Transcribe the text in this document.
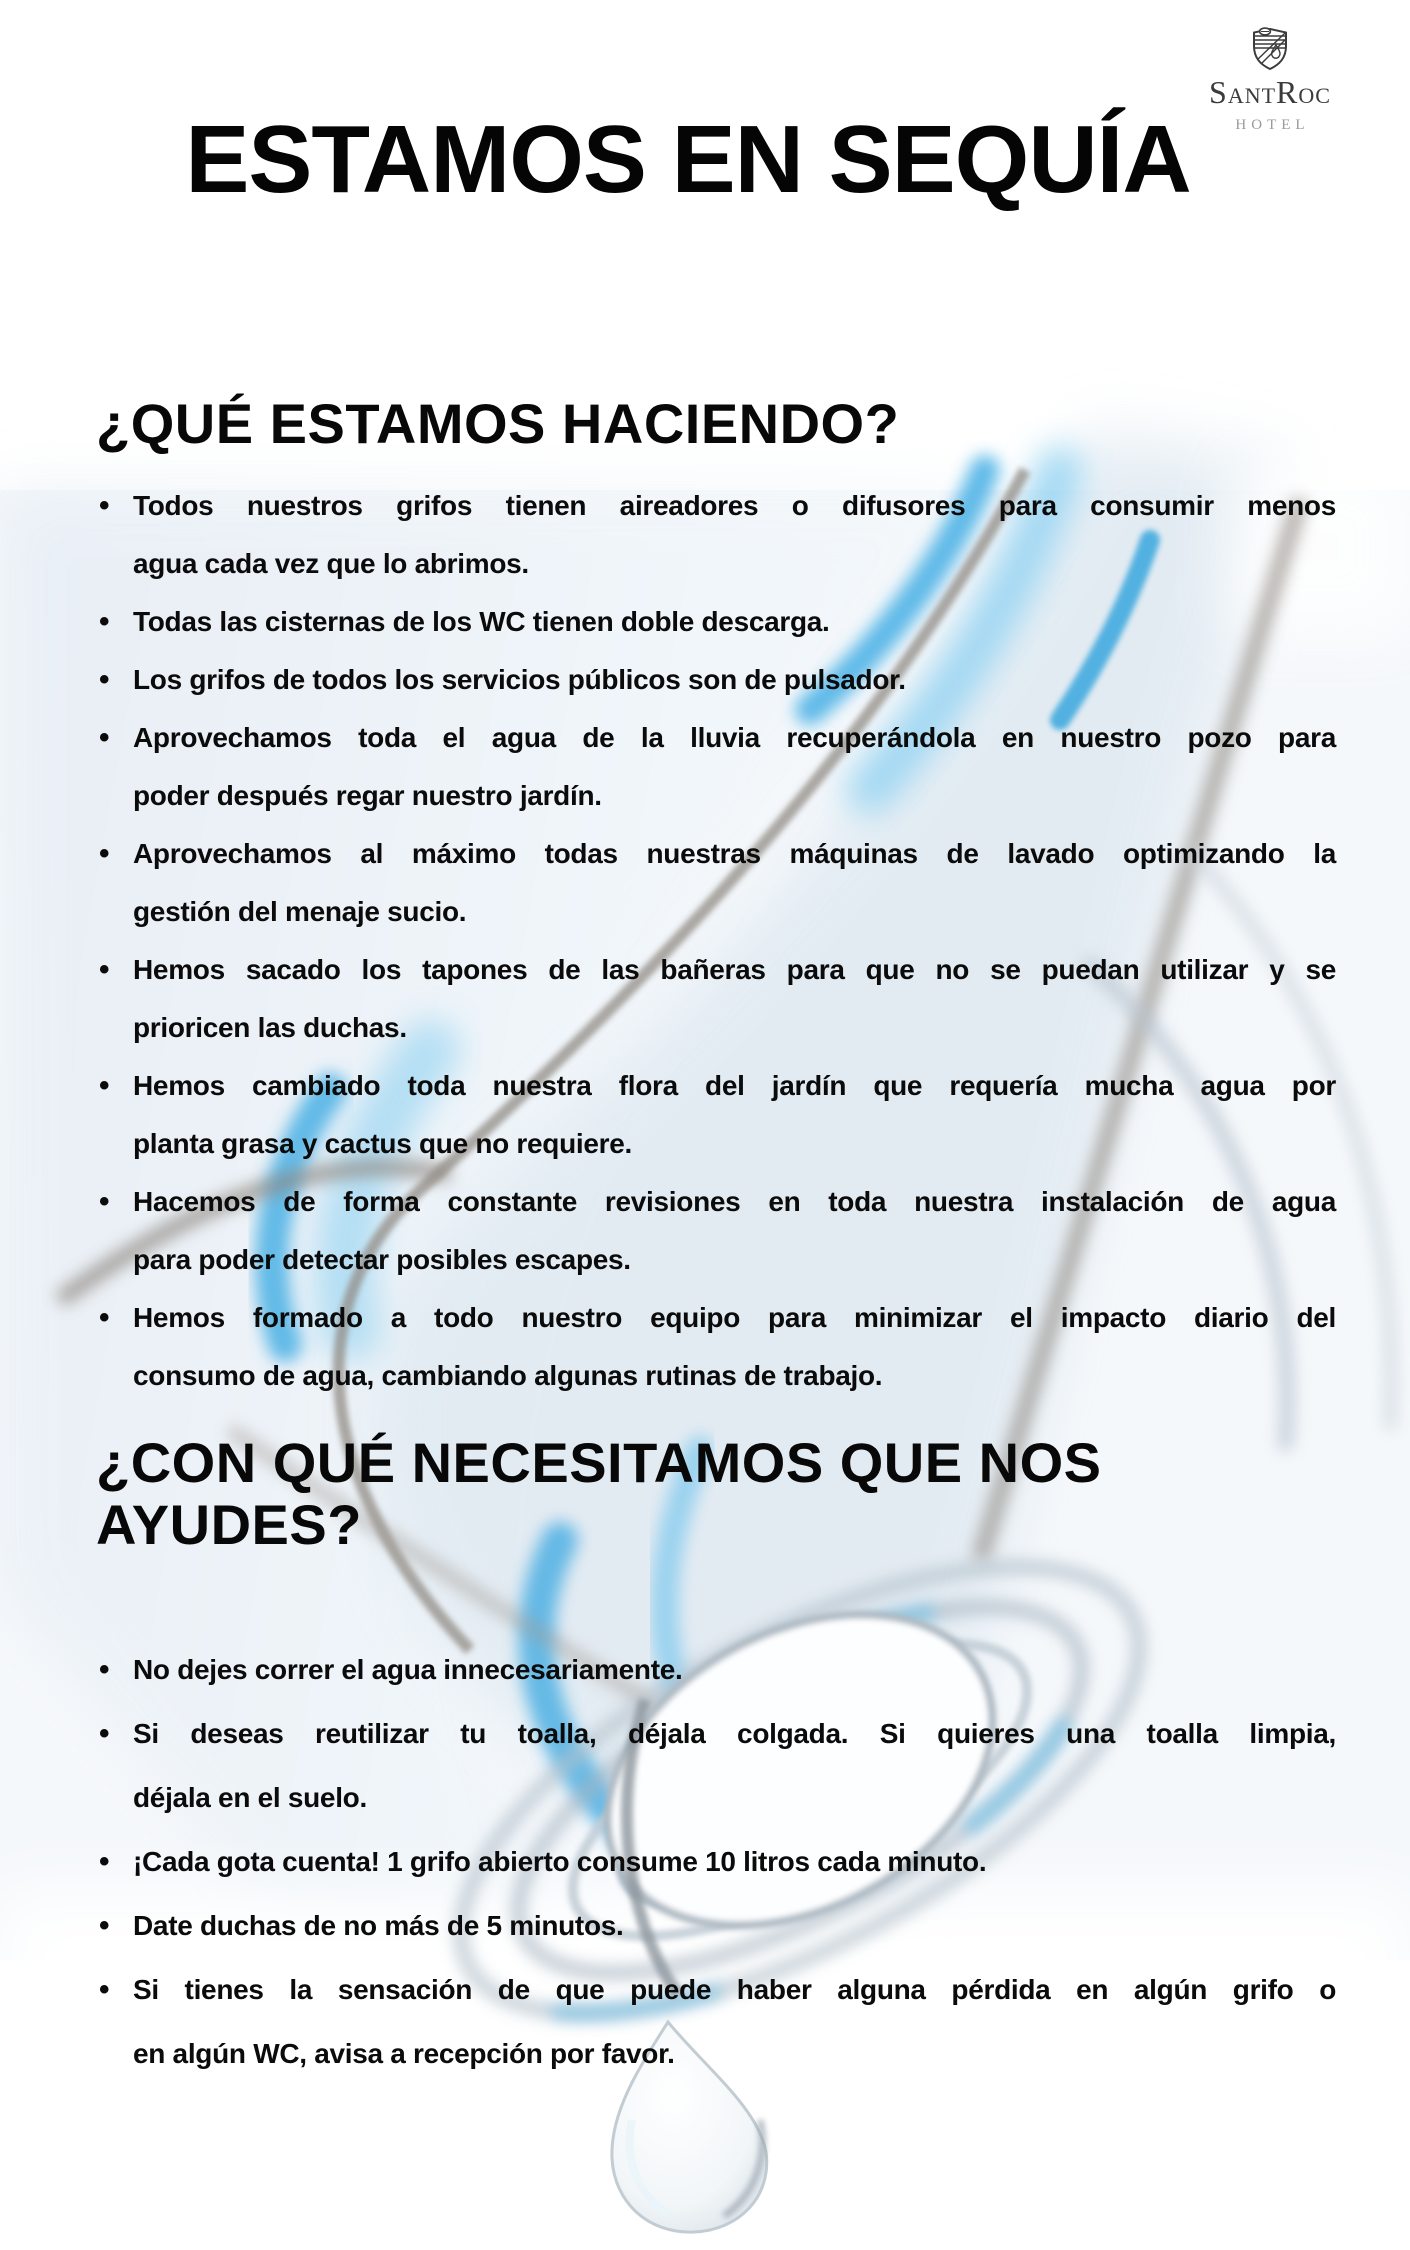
SantRoc
HOTEL
ESTAMOS EN SEQUÍA
¿QUÉ ESTAMOS HACIENDO?
• Todos nuestros grifos tienen aireadores o difusores para consumir menos
agua cada vez que lo abrimos.
• Todas las cisternas de los WC tienen doble descarga.
• Los grifos de todos los servicios públicos son de pulsador.
• Aprovechamos toda el agua de la lluvia recuperándola en nuestro pozo para
poder después regar nuestro jardín.
• Aprovechamos al máximo todas nuestras máquinas de lavado optimizando la
gestión del menaje sucio.
• Hemos sacado los tapones de las bañeras para que no se puedan utilizar y se
prioricen las duchas.
• Hemos cambiado toda nuestra flora del jardín que requería mucha agua por
planta grasa y cactus que no requiere.
• Hacemos de forma constante revisiones en toda nuestra instalación de agua
para poder detectar posibles escapes.
• Hemos formado a todo nuestro equipo para minimizar el impacto diario del
consumo de agua, cambiando algunas rutinas de trabajo.
¿CON QUÉ NECESITAMOS QUE NOS AYUDES?
• No dejes correr el agua innecesariamente.
• Si deseas reutilizar tu toalla, déjala colgada. Si quieres una toalla limpia,
déjala en el suelo.
• ¡Cada gota cuenta! 1 grifo abierto consume 10 litros cada minuto.
• Date duchas de no más de 5 minutos.
• Si tienes la sensación de que puede haber alguna pérdida en algún grifo o
en algún WC, avisa a recepción por favor.
